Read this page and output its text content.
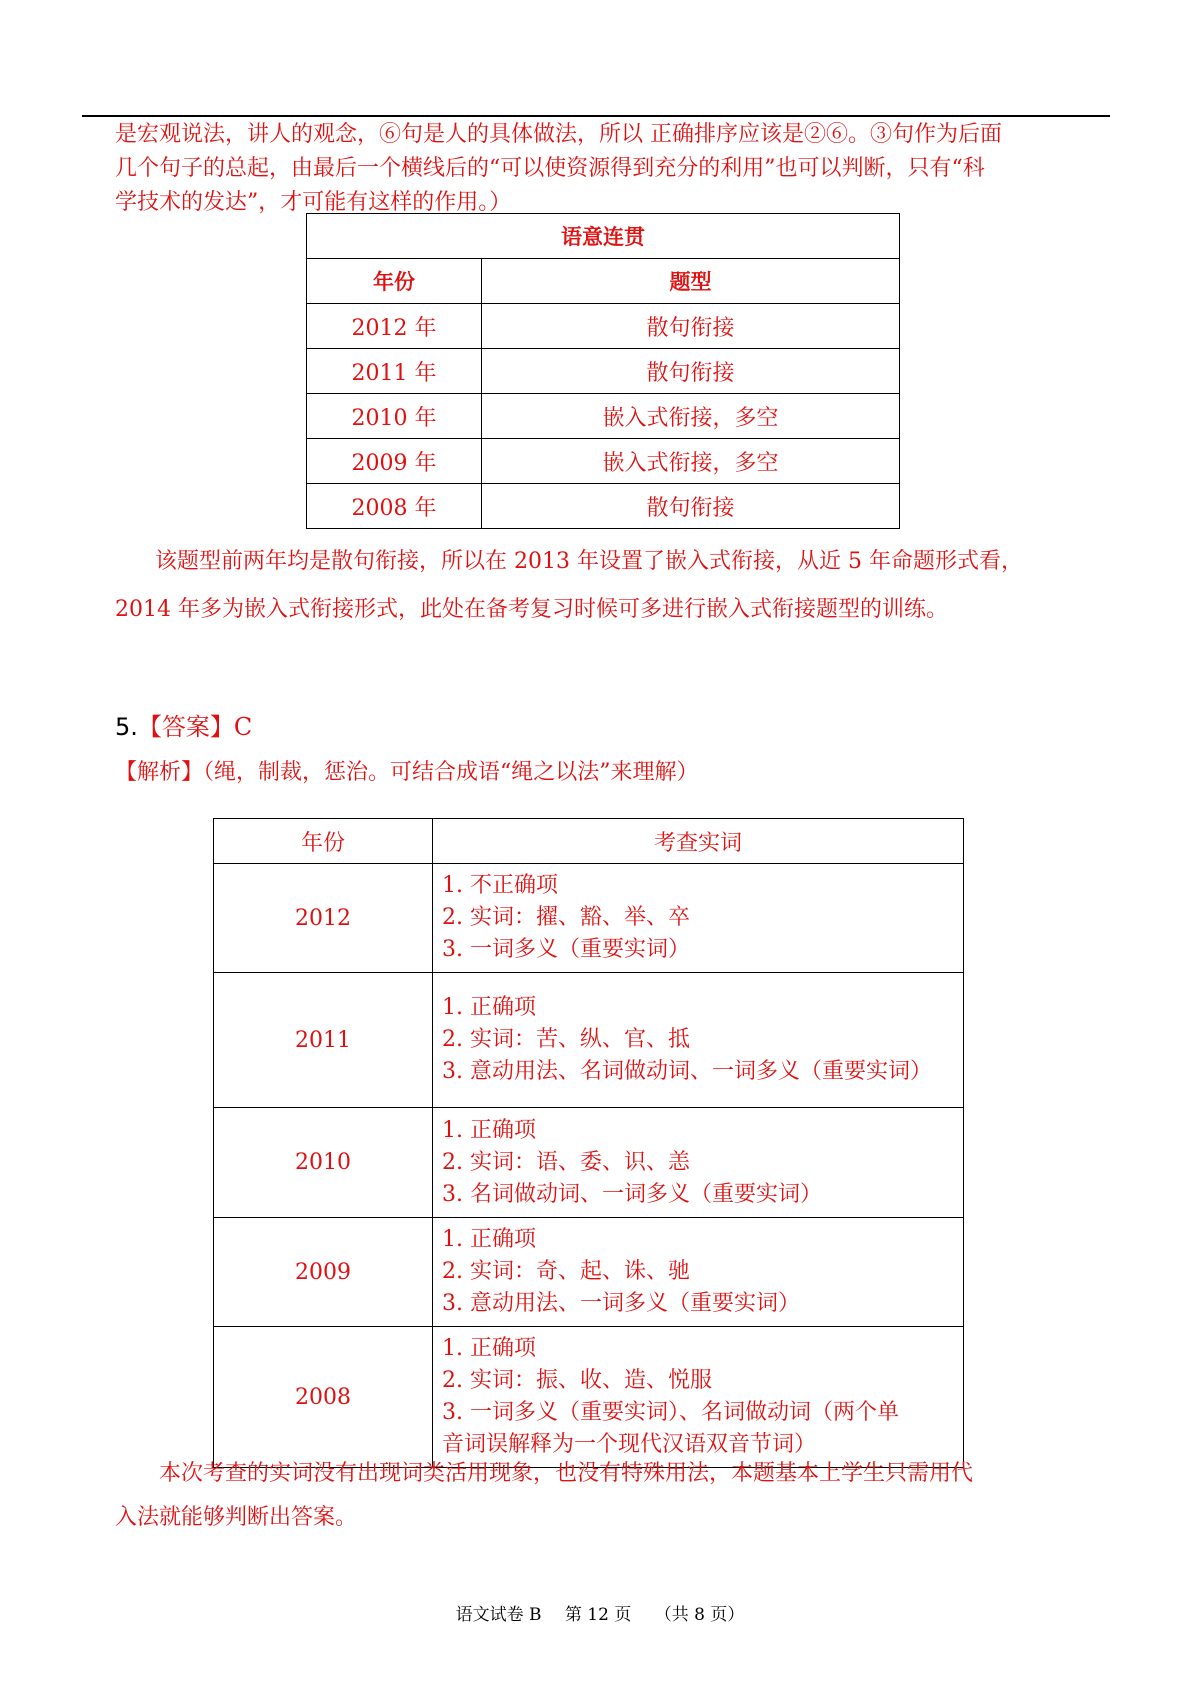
是宏观说法，讲人的观念，⑥句是人的具体做法，所以 正确排序应该是②⑥。③句作为后面

几个句子的总起，由最后一个横线后的“可以使资源得到充分的利用”也可以判断，只有“科

学技术的发达”，才可能有这样的作用。）

语意连贯	
年份	题型
2012 年	散句衔接
2011 年	散句衔接
2010 年	嵌入式衔接，多空
2009 年	嵌入式衔接，多空
2008 年	散句衔接

该题型前两年均是散句衔接，所以在 2013 年设置了嵌入式衔接，从近 5 年命题形式看，

2014 年多为嵌入式衔接形式，此处在备考复习时候可多进行嵌入式衔接题型的训练。

5.【答案】C
【解析】（绳，制裁，惩治。可结合成语“绳之以法”来理解）
年份	考查实词
2012	1. 不正确项
2. 实词：擢、豁、举、卒
3. 一词多义（重要实词）

2011	1. 正确项
2. 实词：苦、纵、官、抵
3. 意动用法、名词做动词、一词多义（重要实词）

2010	1. 正确项
2. 实词：语、委、识、恙
3. 名词做动词、一词多义（重要实词）

2009	1. 正确项
2. 实词：奇、起、诛、驰
3. 意动用法、一词多义（重要实词）

2008	1. 正确项
2. 实词：振、收、造、悦服
3. 一词多义（重要实词）、名词做动词（两个单
音词误解释为一个现代汉语双音节词）

本次考查的实词没有出现词类活用现象，也没有特殊用法，本题基本上学生只需用代

入法就能够判断出答案。

语文试卷 B 第 12 页 （共 8 页）
